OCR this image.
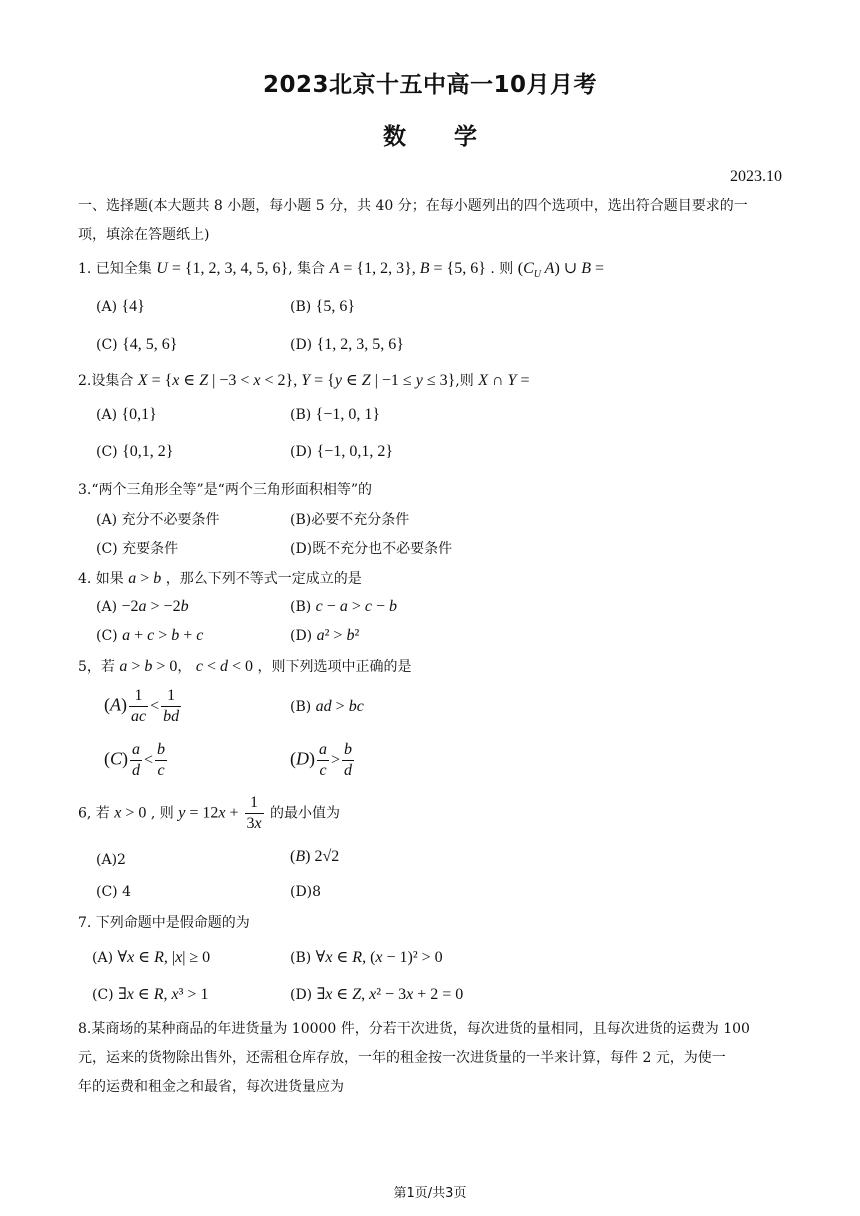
2023北京十五中高一10月月考
数      学
2023.10
一、选择题(本大题共 8 小题，每小题 5 分，共 40 分；在每小题列出的四个选项中，选出符合题目要求的一
项，填涂在答题纸上)
1. 已知全集 U = {1, 2, 3, 4, 5, 6}, 集合 A = {1, 2, 3}, B = {5, 6} . 则 ($C_U$ A) ∪ B =
(A) {4}	(B) {5, 6}
(C) {4, 5, 6}	(D) {1, 2, 3, 5, 6}
2.设集合 X = {x ∈ Z | −3 < x < 2}, Y = {y ∈ Z | −1 ≤ y ≤ 3},则 X ∩ Y =
(A) {0,1}	(B) {−1, 0, 1}
(C) {0,1, 2}	(D) {−1, 0,1, 2}
3.“两个三角形全等”是“两个三角形面积相等”的
(A) 充分不必要条件	(B)必要不充分条件
(C) 充要条件	(D)既不充分也不必要条件
4. 如果 a > b ，那么下列不等式一定成立的是
(A) −2a > −2b	(B) c − a > c − b
(C) a + c > b + c	(D) a² > b²
5，若 a > b > 0， c < d < 0 ，则下列选项中正确的是
$(A) \frac{1}{ac} < \frac{1}{bd}$	(B) ad > bc
$(C) \frac{a}{d} < \frac{b}{c}$	$(D) \frac{a}{c} > \frac{b}{d}$
6, 若 x > 0 , 则 $y = 12x + \frac{1}{3x}$ 的最小值为
(A)2	(B) 2√2
(C) 4	(D)8
7. 下列命题中是假命题的为
(A) ∀x ∈ R, |x| ≥ 0	(B) ∀x ∈ R, (x − 1)² > 0
(C) ∃x ∈ R, x³ > 1	(D) ∃x ∈ Z, x² − 3x + 2 = 0
8.某商场的某种商品的年进货量为 10000 件，分若干次进货，每次进货的量相同，且每次进货的运费为 100
元，运来的货物除出售外，还需租仓库存放，一年的租金按一次进货量的一半来计算，每件 2 元，为使一
年的运费和租金之和最省，每次进货量应为
第1页/共3页
